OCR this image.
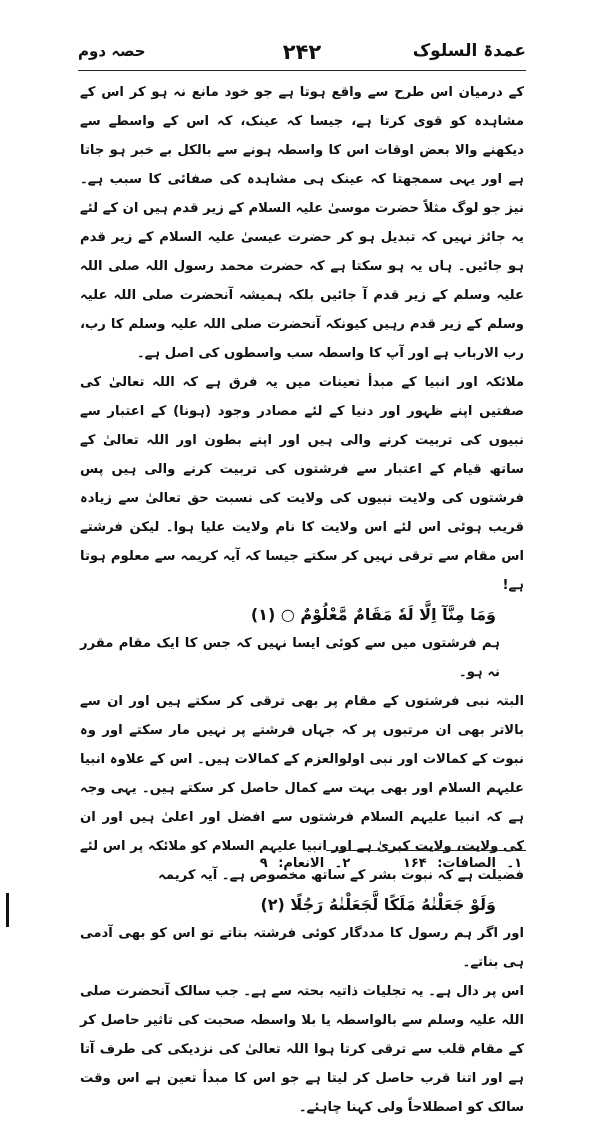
عمدۃ السلوک
۲۴۲
حصہ دوم

کے درمیان اس طرح سے واقع ہوتا ہے جو خود مانع نہ ہو کر اس کے مشاہدہ کو قوی کرتا ہے، جیسا کہ عینک، کہ اس کے واسطے سے دیکھنے والا بعض اوقات اس کا واسطہ ہونے سے بالکل بے خبر ہو جاتا ہے اور یہی سمجھتا کہ عینک ہی مشاہدہ کی صفائی کا سبب ہے۔ نیز جو لوگ مثلاً حضرت موسیٰ علیہ السلام کے زیر قدم ہیں ان کے لئے یہ جائز نہیں کہ تبدیل ہو کر حضرت عیسیٰ علیہ السلام کے زیر قدم ہو جائیں۔ ہاں یہ ہو سکتا ہے کہ حضرت محمد رسول اللہ صلی اللہ علیہ وسلم کے زیر قدم آ جائیں بلکہ ہمیشہ آنحضرت صلی اللہ علیہ وسلم کے زیر قدم رہیں کیونکہ آنحضرت صلی اللہ علیہ وسلم کا رب، رب الارباب ہے اور آپ کا واسطہ سب واسطوں کی اصل ہے۔

ملائکہ اور انبیا کے مبدأ تعینات میں یہ فرق ہے کہ اللہ تعالیٰ کی صفتیں اپنے ظہور اور دنیا کے لئے مصادر وجود (ہونا) کے اعتبار سے نبیوں کی تربیت کرنے والی ہیں اور اپنے بطون اور اللہ تعالیٰ کے ساتھ قیام کے اعتبار سے فرشتوں کی تربیت کرنے والی ہیں پس فرشتوں کی ولایت نبیوں کی ولایت کی نسبت حق تعالیٰ سے زیادہ قریب ہوئی اس لئے اس ولایت کا نام ولایت علیا ہوا۔ لیکن فرشتے اس مقام سے ترقی نہیں کر سکتے جیسا کہ آیہ کریمہ سے معلوم ہوتا ہے!

وَمَا مِنَّآ اِلَّا لَهٗ مَقَامٌ مَّعْلُوْمٌ ○ (۱)

ہم فرشتوں میں سے کوئی ایسا نہیں کہ جس کا ایک مقام مقرر نہ ہو۔

البتہ نبی فرشتوں کے مقام پر بھی ترقی کر سکتے ہیں اور ان سے بالاتر بھی ان مرتبوں پر کہ جہاں فرشتے پر نہیں مار سکتے اور وہ نبوت کے کمالات اور نبی اولوالعزم کے کمالات ہیں۔ اس کے علاوہ انبیا علیہم السلام اور بھی بہت سے کمال حاصل کر سکتے ہیں۔ یہی وجہ ہے کہ انبیا علیہم السلام فرشتوں سے افضل اور اعلیٰ ہیں اور ان کی ولایت، ولایت کبریٰ ہے اور انبیا علیہم السلام کو ملائکہ پر اس لئے فضیلت ہے کہ نبوت بشر کے ساتھ مخصوص ہے۔ آیہ کریمہ

وَلَوْ جَعَلْنٰهُ مَلَكًا لَّجَعَلْنٰهُ رَجُلًا (۲)

اور اگر ہم رسول کا مددگار کوئی فرشتہ بناتے تو اس کو بھی آدمی ہی بناتے۔

اس پر دال ہے۔ یہ تجلیات ذاتیہ بحتہ سے ہے۔ جب سالک آنحضرت صلی اللہ علیہ وسلم سے بالواسطہ یا بلا واسطہ صحبت کی تاثیر حاصل کر کے مقام قلب سے ترقی کرتا ہوا اللہ تعالیٰ کی نزدیکی کی طرف آتا ہے اور اتنا قرب حاصل کر لیتا ہے جو اس کا مبدأ تعین ہے اس وقت سالک کو اصطلاحاً ولی کہنا چاہئے۔

۱۔ الصافات: ۱۶۴     ۲۔ الانعام: ۹
